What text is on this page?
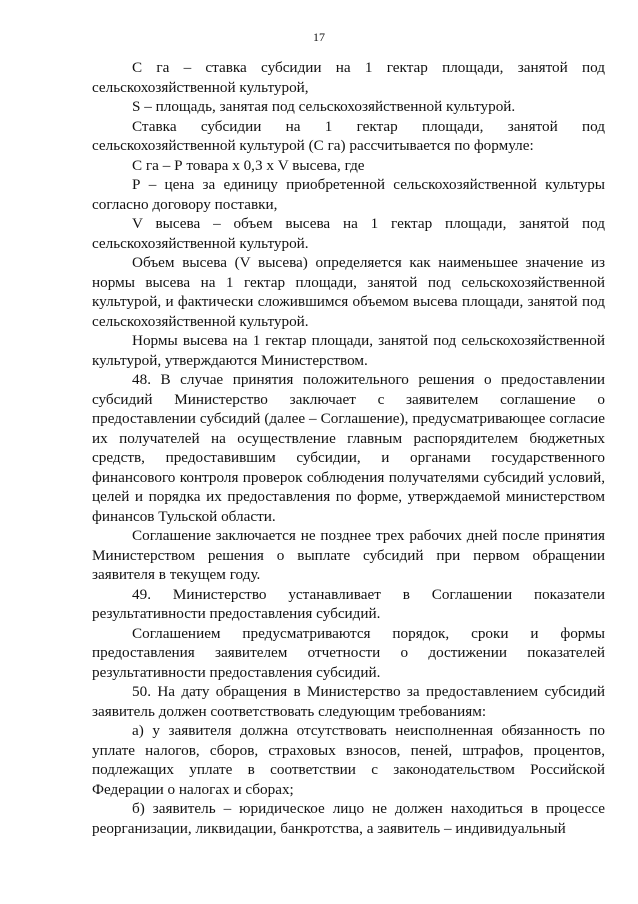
17

С га – ставка субсидии на 1 гектар площади, занятой под сельскохозяйственной культурой,

S – площадь, занятая под сельскохозяйственной культурой.

Ставка субсидии на 1 гектар площади, занятой под сельскохозяйственной культурой (С га) рассчитывается по формуле:

С га – Р товара х 0,3 х V высева, где

Р – цена за единицу приобретенной сельскохозяйственной культуры согласно договору поставки,

V высева – объем высева на 1 гектар площади, занятой под сельскохозяйственной культурой.

Объем высева (V высева) определяется как наименьшее значение из нормы высева на 1 гектар площади, занятой под сельскохозяйственной культурой, и фактически сложившимся объемом высева площади, занятой под сельскохозяйственной культурой.

Нормы высева на 1 гектар площади, занятой под сельскохозяйственной культурой, утверждаются Министерством.

48. В случае принятия положительного решения о предоставлении субсидий Министерство заключает с заявителем соглашение о предоставлении субсидий (далее – Соглашение), предусматривающее согласие их получателей на осуществление главным распорядителем бюджетных средств, предоставившим субсидии, и органами государственного финансового контроля проверок соблюдения получателями субсидий условий, целей и порядка их предоставления по форме, утверждаемой министерством финансов Тульской области.

Соглашение заключается не позднее трех рабочих дней после принятия Министерством решения о выплате субсидий при первом обращении заявителя в текущем году.

49. Министерство устанавливает в Соглашении показатели результативности предоставления субсидий.

Соглашением предусматриваются порядок, сроки и формы предоставления заявителем отчетности о достижении показателей результативности предоставления субсидий.

50. На дату обращения в Министерство за предоставлением субсидий заявитель должен соответствовать следующим требованиям:

а) у заявителя должна отсутствовать неисполненная обязанность по уплате налогов, сборов, страховых взносов, пеней, штрафов, процентов, подлежащих уплате в соответствии с законодательством Российской Федерации о налогах и сборах;

б) заявитель – юридическое лицо не должен находиться в процессе реорганизации, ликвидации, банкротства, а заявитель – индивидуальный
